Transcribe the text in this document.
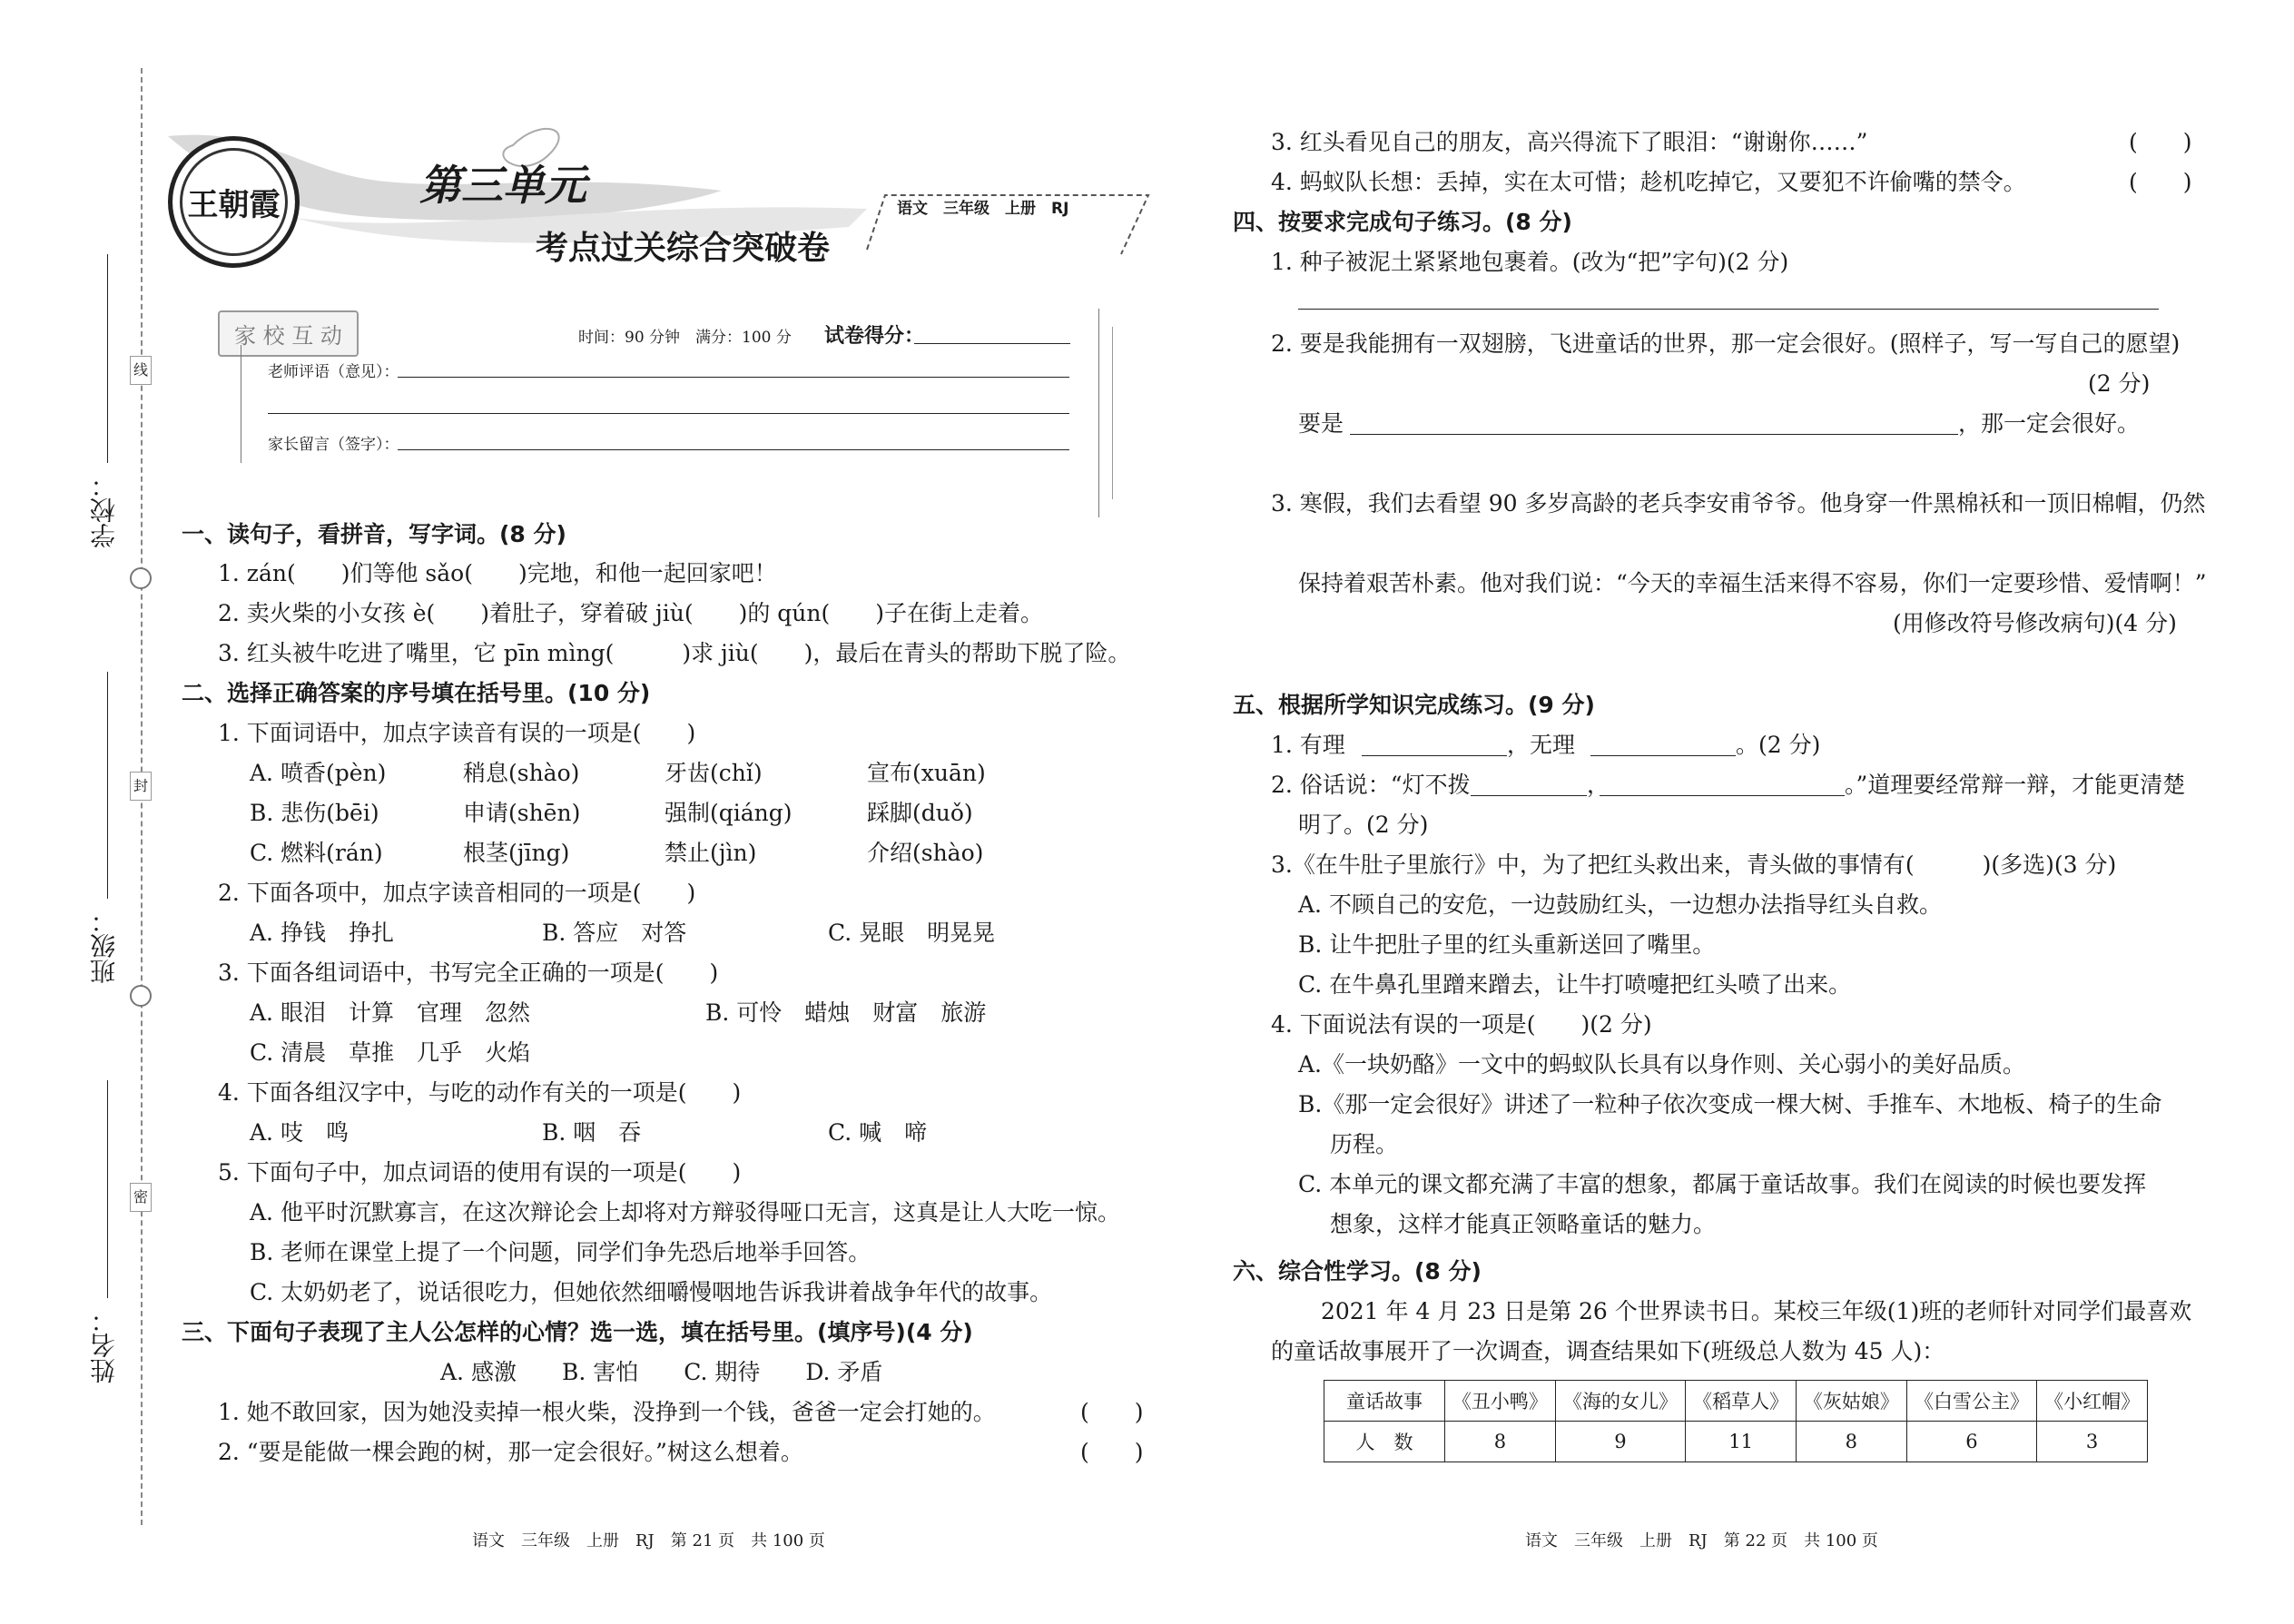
线
封
密
学校：
班级：
姓名：
王朝霞	第三单元
考点过关综合突破卷
语文　三年级　上册　RJ
家 校 互 动	时间：90 分钟　满分：100 分 试卷得分：
老师评语（意见）：
家长留言（签字）：
一、读句子，看拼音，写字词。(8 分)
1. zán(　　)们等他 sǎo(　　)完地，和他一起回家吧！
2. 卖火柴的小女孩 è(　　)着肚子，穿着破 jiù(　　)的 qún(　　)子在街上走着。
3. 红头被牛吃进了嘴里，它 pīn mìng(　　　)求 jiù(　　)，最后在青头的帮助下脱了险。
二、选择正确答案的序号填在括号里。(10 分)
1. 下面词语中，加点字读音有误的一项是(　　)
A. 喷香(pèn)	稍息(shào)	牙齿(chǐ)	宣布(xuān)
B. 悲伤(bēi)	申请(shēn)	强制(qiáng)	踩脚(duǒ)
C. 燃料(rán)	根茎(jīng)	禁止(jìn)	介绍(shào)
2. 下面各项中，加点字读音相同的一项是(　　)
A. 挣钱　挣扎	B. 答应　对答	C. 晃眼　明晃晃
3. 下面各组词语中，书写完全正确的一项是(　　)
A. 眼泪　计算　官理　忽然	B. 可怜　蜡烛　财富　旅游
C. 清晨　草推　几乎　火焰
4. 下面各组汉字中，与吃的动作有关的一项是(　　)
A. 吱　鸣	B. 咽　吞	C. 喊　啼
5. 下面句子中，加点词语的使用有误的一项是(　　)
A. 他平时沉默寡言，在这次辩论会上却将对方辩驳得哑口无言，这真是让人大吃一惊。
B. 老师在课堂上提了一个问题，同学们争先恐后地举手回答。
C. 太奶奶老了，说话很吃力，但她依然细嚼慢咽地告诉我讲着战争年代的故事。
三、下面句子表现了主人公怎样的心情？选一选，填在括号里。(填序号)(4 分)
A. 感激　　B. 害怕　　C. 期待　　D. 矛盾
1. 她不敢回家，因为她没卖掉一根火柴，没挣到一个钱，爸爸一定会打她的。	(　　)
2. “要是能做一棵会跑的树，那一定会很好。”树这么想着。	(　　)
语文　三年级　上册　RJ　第 21 页　共 100 页
3. 红头看见自己的朋友，高兴得流下了眼泪：“谢谢你……”	(　　)
4. 蚂蚁队长想：丢掉，实在太可惜；趁机吃掉它，又要犯不许偷嘴的禁令。	(　　)
四、按要求完成句子练习。(8 分)
1. 种子被泥土紧紧地包裹着。(改为“把”字句)(2 分)
2. 要是我能拥有一双翅膀，飞进童话的世界，那一定会很好。(照样子，写一写自己的愿望)
(2 分)
要是	，那一定会很好。
3. 寒假，我们去看望 90 多岁高龄的老兵李安甫爷爷。他身穿一件黑棉袄和一顶旧棉帽，仍然
保持着艰苦朴素。他对我们说：“今天的幸福生活来得不容易，你们一定要珍惜、爱情啊！”
(用修改符号修改病句)(4 分)
五、根据所学知识完成练习。(9 分)
1. 有理	，无理	。(2 分)
2. 俗话说：“灯不拨	，	。”道理要经常辩一辩，才能更清楚
明了。(2 分)
3.《在牛肚子里旅行》中，为了把红头救出来，青头做的事情有(　　　)(多选)(3 分)
A. 不顾自己的安危，一边鼓励红头，一边想办法指导红头自救。
B. 让牛把肚子里的红头重新送回了嘴里。
C. 在牛鼻孔里蹭来蹭去，让牛打喷嚏把红头喷了出来。
4. 下面说法有误的一项是(　　)(2 分)
A.《一块奶酪》一文中的蚂蚁队长具有以身作则、关心弱小的美好品质。
B.《那一定会很好》讲述了一粒种子依次变成一棵大树、手推车、木地板、椅子的生命
历程。
C. 本单元的课文都充满了丰富的想象，都属于童话故事。我们在阅读的时候也要发挥
想象，这样才能真正领略童话的魅力。
六、综合性学习。(8 分)
2021 年 4 月 23 日是第 26 个世界读书日。某校三年级(1)班的老师针对同学们最喜欢
的童话故事展开了一次调查，调查结果如下(班级总人数为 45 人)：
童话故事	《丑小鸭》	《海的女儿》	《稻草人》	《灰姑娘》	《白雪公主》	《小红帽》
人　数	8	9	11	8	6	3
语文　三年级　上册　RJ　第 22 页　共 100 页
